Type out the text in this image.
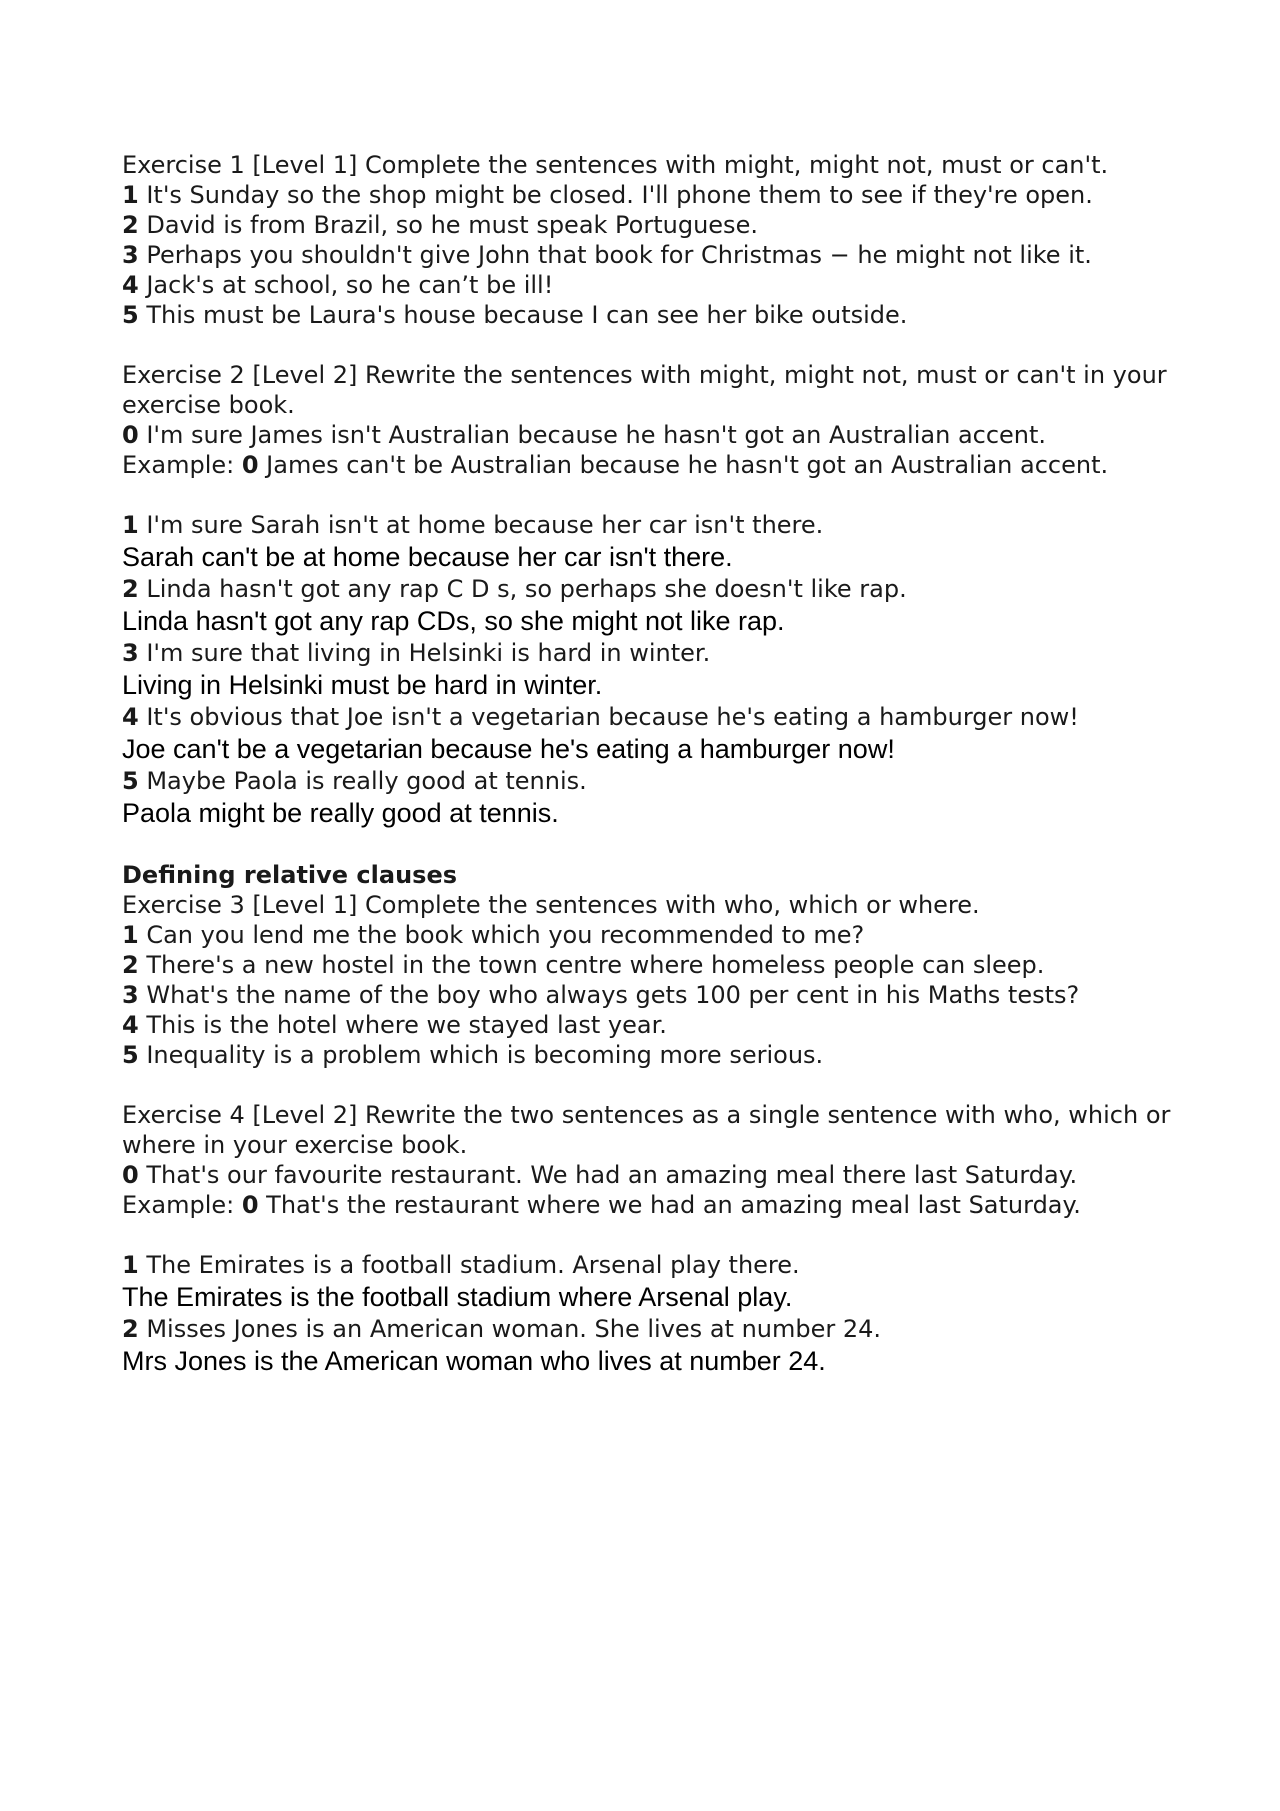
Exercise 1 [Level 1] Complete the sentences with might, might not, must or can't.

1 It's Sunday so the shop might be closed. I'll phone them to see if they're open.

2 David is from Brazil, so he must speak Portuguese.

3 Perhaps you shouldn't give John that book for Christmas − he might not like it.

4 Jack's at school, so he can’t be ill!

5 This must be Laura's house because I can see her bike outside.

Exercise 2 [Level 2] Rewrite the sentences with might, might not, must or can't in your exercise book.

0 I'm sure James isn't Australian because he hasn't got an Australian accent.

Example: 0 James can't be Australian because he hasn't got an Australian accent.

1 I'm sure Sarah isn't at home because her car isn't there.

Sarah can't be at home because her car isn't there.

2 Linda hasn't got any rap C D s, so perhaps she doesn't like rap.

Linda hasn't got any rap CDs, so she might not like rap.

3 I'm sure that living in Helsinki is hard in winter.

Living in Helsinki must be hard in winter.

4 It's obvious that Joe isn't a vegetarian because he's eating a hamburger now!

Joe can't be a vegetarian because he's eating a hamburger now!

5 Maybe Paola is really good at tennis.

Paola might be really good at tennis.

Defining relative clauses

Exercise 3 [Level 1] Complete the sentences with who, which or where.

1 Can you lend me the book which you recommended to me?

2 There's a new hostel in the town centre where homeless people can sleep.

3 What's the name of the boy who always gets 100 per cent in his Maths tests?

4 This is the hotel where we stayed last year.

5 Inequality is a problem which is becoming more serious.

Exercise 4 [Level 2] Rewrite the two sentences as a single sentence with who, which or where in your exercise book.

0 That's our favourite restaurant. We had an amazing meal there last Saturday.

Example: 0 That's the restaurant where we had an amazing meal last Saturday.

1 The Emirates is a football stadium. Arsenal play there.

The Emirates is the football stadium where Arsenal play.

2 Misses Jones is an American woman. She lives at number 24.

Mrs Jones is the American woman who lives at number 24.
